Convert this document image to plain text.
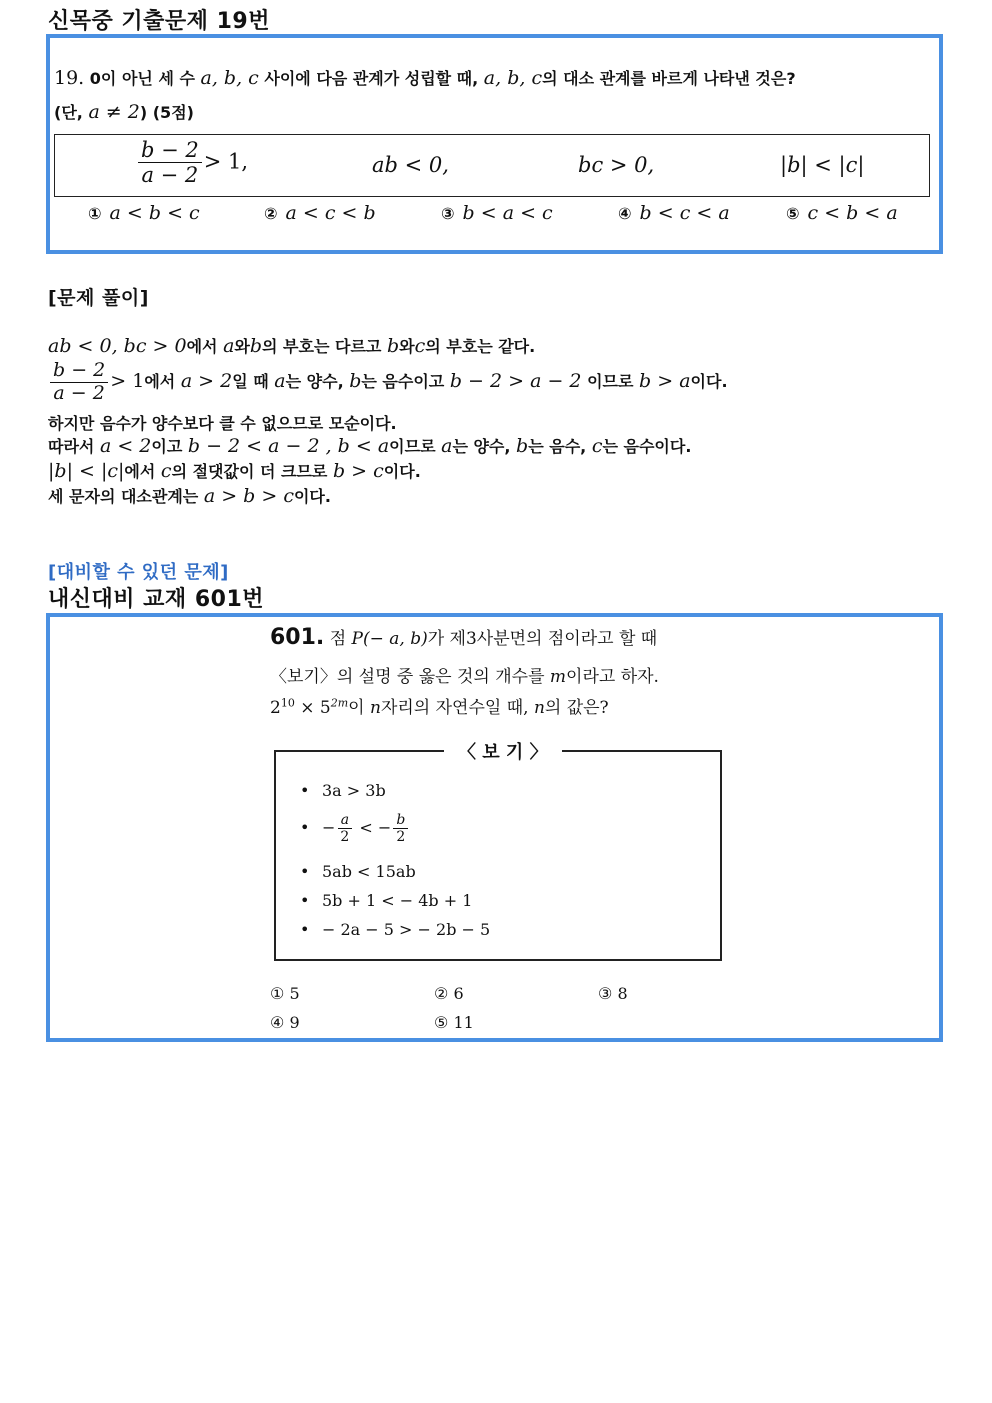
신목중 기출문제 19번
19. 0이 아닌 세 수 a, b, c 사이에 다음 관계가 성립할 때, a, b, c의 대소 관계를 바르게 나타낸 것은?
(단, a ≠ 2) (5점)
$\frac{b - 2}{a - 2} > 1$,	ab < 0,	bc > 0,	|b| < |c|
① a < b < c	② a < c < b	③ b < a < c	④ b < c < a	⑤ c < b < a
[문제 풀이]
ab < 0, bc > 0에서 a와b의 부호는 다르고 b와c의 부호는 같다.
$\frac{b - 2}{a - 2} > 1$에서 a > 2일 때 a는 양수, b는 음수이고 b − 2 > a − 2 이므로 b > a이다.
하지만 음수가 양수보다 클 수 없으므로 모순이다.
따라서 a < 2이고 b − 2 < a − 2 , b < a이므로 a는 양수, b는 음수, c는 음수이다.
|b| < |c|에서 c의 절댓값이 더 크므로 b > c이다.
세 문자의 대소관계는 a > b > c이다.
[대비할 수 있던 문제]
내신대비 교재 601번
601. 점 P(− a, b)가 제3사분면의 점이라고 할 때
〈보기〉의 설명 중 옳은 것의 개수를 m이라고 하자.
$2^{10} \times 5^{2m}$이 n자리의 자연수일 때, n의 값은?
〈 보 기 〉
• 3a > 3b
• − $\frac{a}{2}$ < − $\frac{b}{2}$
• 5ab < 15ab
• 5b + 1 < − 4b + 1
• − 2a − 5 > − 2b − 5
① 5	② 6	③ 8
④ 9	⑤ 11
